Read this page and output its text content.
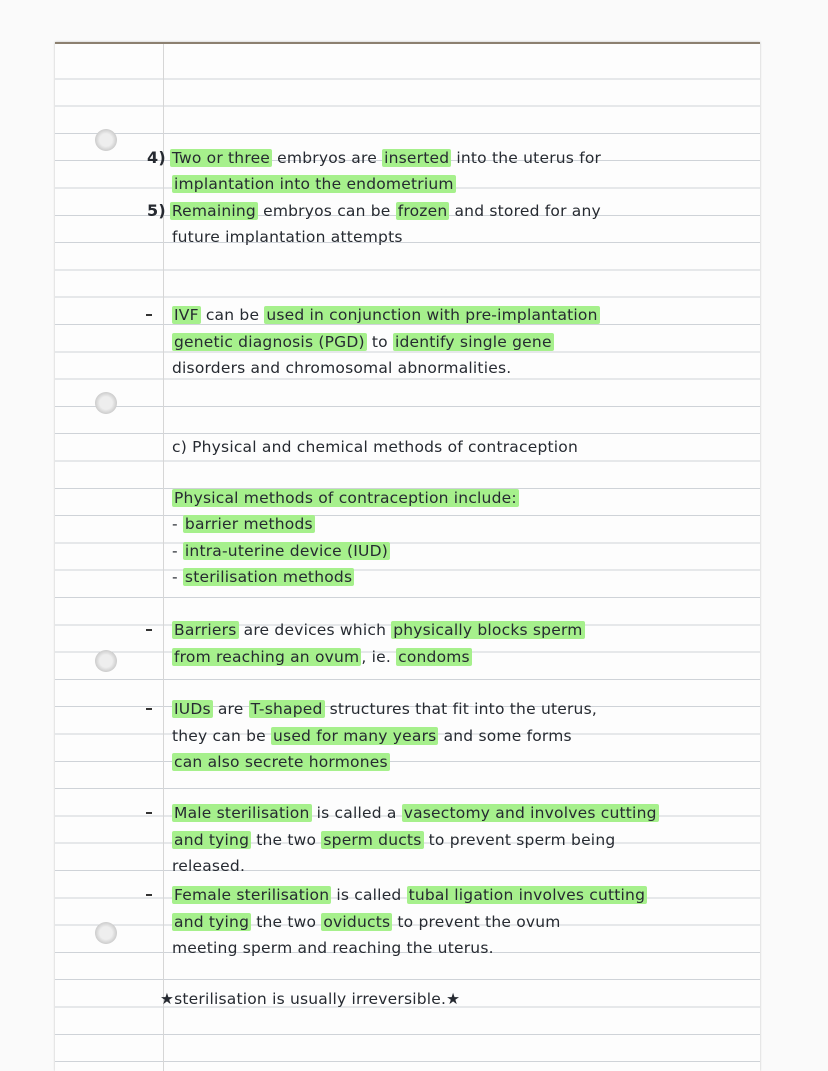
4) Two or three embryos are inserted into the uterus for
implantation into the endometrium
5) Remaining embryos can be frozen and stored for any
future implantation attempts
IVF can be used in conjunction with pre-implantation
genetic diagnosis (PGD) to identify single gene
disorders and chromosomal abnormalities.
c) Physical and chemical methods of contraception
Physical methods of contraception include:
- barrier methods
- intra-uterine device (IUD)
- sterilisation methods
Barriers are devices which physically blocks sperm
from reaching an ovum , ie. condoms
IUDs are T-shaped structures that fit into the uterus,
they can be used for many years and some forms
can also secrete hormones
Male sterilisation is called a vasectomy and involves cutting
and tying the two sperm ducts to prevent sperm being
released.
Female sterilisation is called tubal ligation involves cutting
and tying the two oviducts to prevent the ovum
meeting sperm and reaching the uterus.
★sterilisation is usually irreversible.★
